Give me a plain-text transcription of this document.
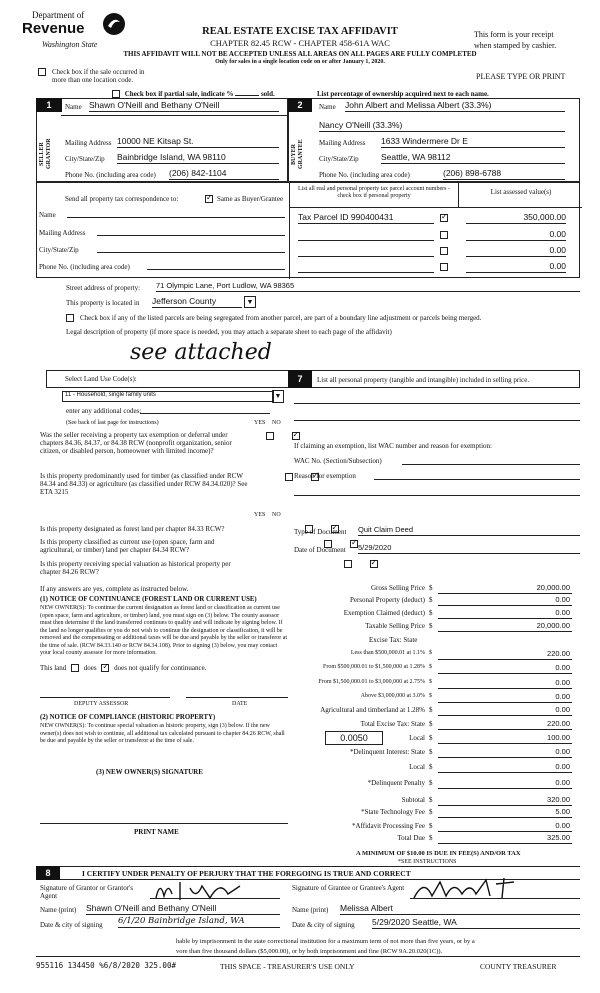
Department of
Revenue
Washington State
REAL ESTATE EXCISE TAX AFFIDAVIT
CHAPTER 82.45 RCW - CHAPTER 458-61A WAC
THIS AFFIDAVIT WILL NOT BE ACCEPTED UNLESS ALL AREAS ON ALL PAGES ARE FULLY COMPLETED
Only for sales in a single location code on or after January 1, 2020.
This form is your receipt
when stamped by cashier.
PLEASE TYPE OR PRINT
Check box if the sale occurred in more than one location code.
Check box if partial sale, indicate %	sold.	List percentage of ownership acquired next to each name.
1
SELLER GRANTOR
Name Shawn O'Neill and Bethany O'Neill
Mailing Address 10000 NE Kitsap St.
City/State/Zip Bainbridge Island, WA 98110
Phone No. (including area code) (206) 842-1104
2
BUYER GRANTEE
Name John Albert and Melissa Albert (33.3%)
Nancy O'Neill (33.3%)
Mailing Address 1633 Windermere Dr E
City/State/Zip	Seattle, WA 98112
Phone No. (including area code)	(206) 898-6788
Send all property tax correspondence to: ✓	Same as Buyer/Grantee
Name
Mailing Address
City/State/Zip
Phone No. (including area code)
List all real and personal property tax parcel account numbers - check box if personal property	List assessed value(s)
Tax Parcel ID 990400431 ✓	350,000.00
0.00
0.00
0.00
Street address of property: 71 Olympic Lane, Port Ludlow, WA 98365
This property is located in Jefferson County	▼

Check box if any of the listed parcels are being segregated from another parcel, are part of a boundary line adjustment or parcels being merged.
Legal description of property (if more space is needed, you may attach a separate sheet to each page of the affidavit)
see attached
Select Land Use Code(s):
11 - Household, single family units	▼
enter any additional codes:
(See back of last page for instructions)	YES NO
Was the seller receiving a property tax exemption or deferral under chapters 84.36, 84.37, or 84.38 RCW (nonprofit organization, senior citizen, or disabled person, homeowner with limited income)?
✓
Is this property predominantly used for timber (as classified under RCW 84.34 and 84.33) or agriculture (as classified under RCW 84.34.020)? See ETA 3215
✓
YES NO
Is this property designated as forest land per chapter 84.33 RCW?
✓
Is this property classified as current use (open space, farm and agricultural, or timber) land per chapter 84.34 RCW?
✓
Is this property receiving special valuation as historical property per chapter 84.26 RCW?
✓
If any answers are yes, complete as instructed below.
(1) NOTICE OF CONTINUANCE (FOREST LAND OR CURRENT USE)
NEW OWNER(S): To continue the current designation as forest land or classification as current use (open space, farm and agriculture, or timber) land, you must sign on (3) below. The county assessor must then determine if the land transferred continues to qualify and will indicate by signing below. If the land no longer qualifies or you do not wish to continue the designation or classification, it will be removed and the compensating or additional taxes will be due and payable by the seller or transferor at the time of sale. (RCW 84.33.140 or RCW 84.34.108). Prior to signing (3) below, you may contact your local county assessor for more information.
This land	does ✓	does not qualify for continuance.
DEPUTY ASSESSOR	DATE
(2) NOTICE OF COMPLIANCE (HISTORIC PROPERTY)
NEW OWNER(S): To continue special valuation as historic property, sign (3) below. If the new owner(s) does not wish to continue, all additional tax calculated pursuant to chapter 84.26 RCW, shall be due and payable by the seller or transferor at the time of sale.
(3) NEW OWNER(S) SIGNATURE
PRINT NAME
7	List all personal property (tangible and intangible) included in selling price.
If claiming an exemption, list WAC number and reason for exemption:
WAC No. (Section/Subsection)
Reason for exemption
Type of Document Quit Claim Deed
Date of Document 5/29/2020
Gross Selling Price $	20,000.00
Personal Property (deduct) $	0.00
Exemption Claimed (deduct) $	0.00
Taxable Selling Price $	20,000.00
Excise Tax: State
Less than $500,000.01 at 1.1% $	220.00
From $500,000.01 to $1,500,000 at 1.28% $	0.00
From $1,500,000.01 to $3,000,000 at 2.75% $	0.00
Above $3,000,000 at 3.0% $	0.00
Agricultural and timberland at 1.28% $	0.00
Total Excise Tax: State $	220.00
0.0050	Local $	100.00
*Delinquent Interest: State $	0.00
Local $	0.00
*Delinquent Penalty $	0.00
Subtotal $	320.00
*State Technology Fee $	5.00
*Affidavit Processing Fee $	0.00
Total Due $	325.00
A MINIMUM OF $10.00 IS DUE IN FEE(S) AND/OR TAX
*SEE INSTRUCTIONS
8	I CERTIFY UNDER PENALTY OF PERJURY THAT THE FOREGOING IS TRUE AND CORRECT
Signature of Grantor or Grantor's Agent
Signature of Grantee or Grantee's Agent
Name (print) Shawn O'Neill and Bethany O'Neill	Name (print) Melissa Albert
Date & city of signing 6/1/20 Bainbridge Island, WA	Date & city of signing 5/29/2020 Seattle, WA
hable by imprisonment in the state correctional institution for a maximum term of not more than five years, or by a
vore than five thousand dollars ($5,000.00), or by both imprisonment and fine (RCW 9A.20.020(1C)).
955116 134450 %6/8/2020 325.00#	THIS SPACE - TREASURER'S USE ONLY	COUNTY TREASURER
